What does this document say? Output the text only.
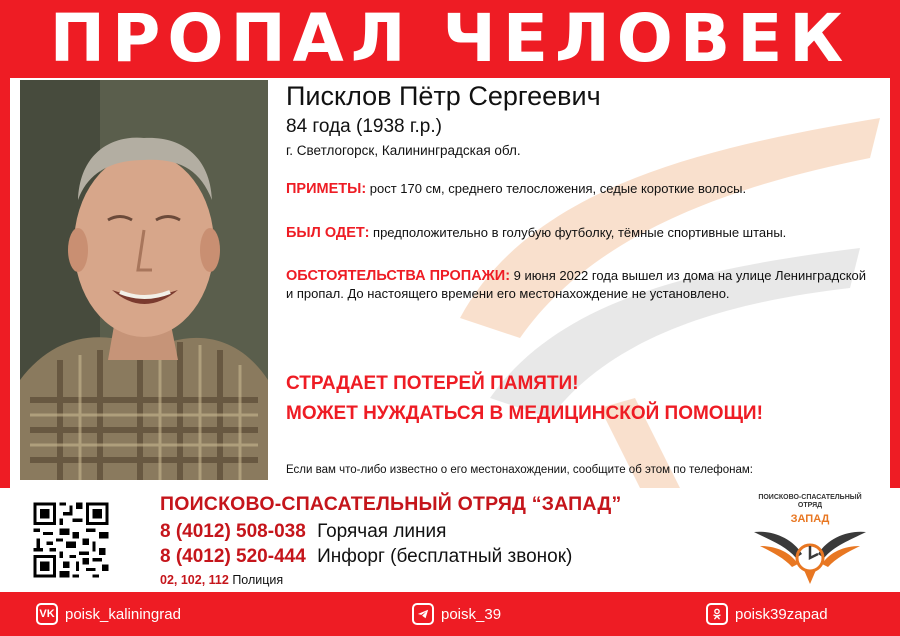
ПРОПАЛ ЧЕЛОВЕК
Писклов Пётр Сергеевич
84 года (1938 г.р.)
г. Светлогорск, Калининградская обл.
ПРИМЕТЫ: рост 170 см, среднего телосложения, седые короткие волосы.
БЫЛ ОДЕТ: предположительно в голубую футболку, тёмные спортивные штаны.
ОБСТОЯТЕЛЬСТВА ПРОПАЖИ: 9 июня 2022 года вышел из дома на улице Ленинградской и пропал. До настоящего времени его местонахождение не установлено.
СТРАДАЕТ ПОТЕРЕЙ ПАМЯТИ!
МОЖЕТ НУЖДАТЬСЯ В МЕДИЦИНСКОЙ ПОМОЩИ!
Если вам что-либо известно о его местонахождении, сообщите об этом по телефонам:
ПОИСКОВО-СПАСАТЕЛЬНЫЙ ОТРЯД “ЗАПАД”
8 (4012) 508-038 Горячая линия
8 (4012) 520-444 Инфорг (бесплатный звонок)
02, 102, 112 Полиция
ПОИСКОВО-СПАСАТЕЛЬНЫЙ ОТРЯД
ЗАПАД
VK poisk_kaliningrad	poisk_39	poisk39zapad
